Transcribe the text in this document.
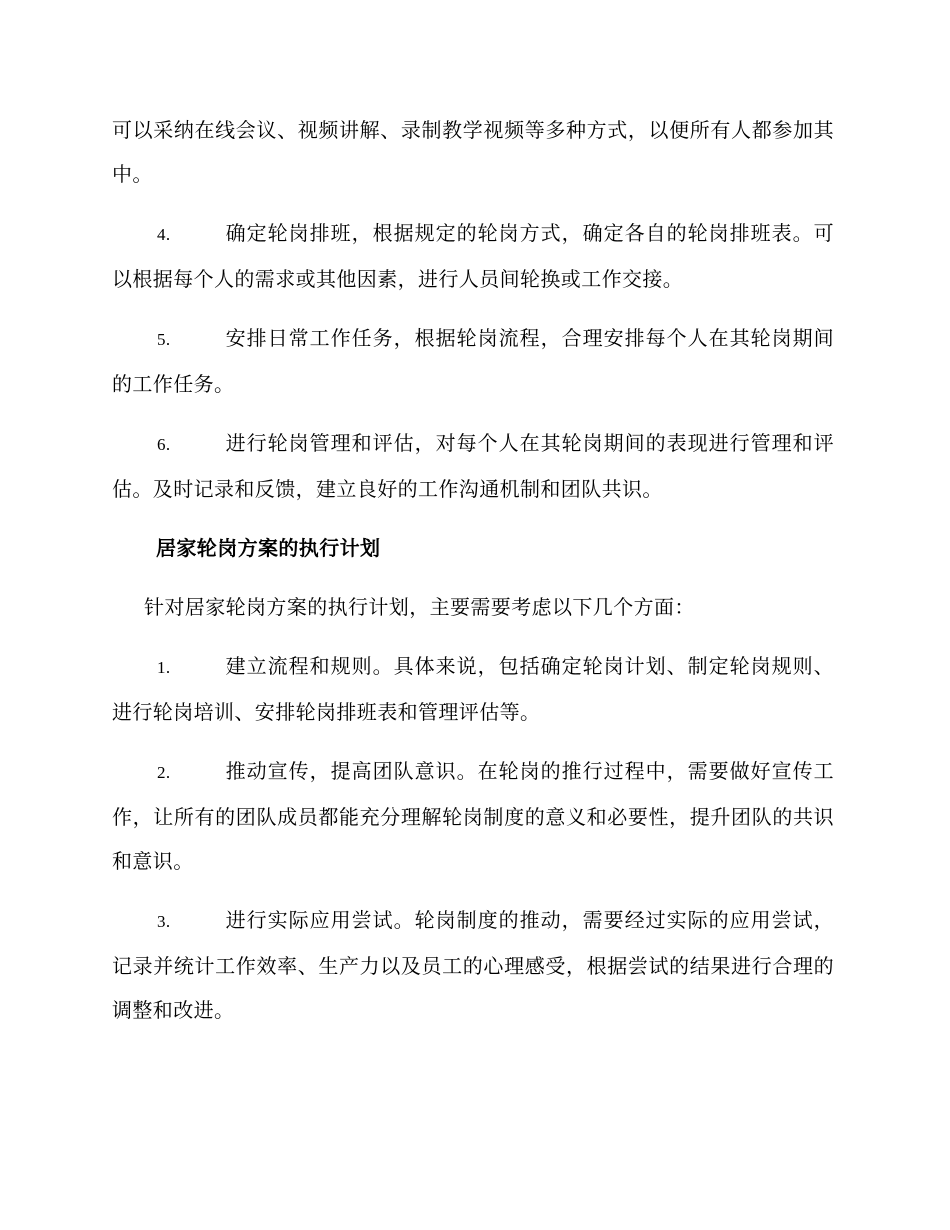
可以采纳在线会议、视频讲解、录制教学视频等多种方式，以便所有人都参加其中。

4.	确定轮岗排班，根据规定的轮岗方式，确定各自的轮岗排班表。可以根据每个人的需求或其他因素，进行人员间轮换或工作交接。

5.	安排日常工作任务，根据轮岗流程，合理安排每个人在其轮岗期间的工作任务。

6.	进行轮岗管理和评估，对每个人在其轮岗期间的表现进行管理和评估。及时记录和反馈，建立良好的工作沟通机制和团队共识。

居家轮岗方案的执行计划

针对居家轮岗方案的执行计划，主要需要考虑以下几个方面：

1.	建立流程和规则。具体来说，包括确定轮岗计划、制定轮岗规则、进行轮岗培训、安排轮岗排班表和管理评估等。

2.	推动宣传，提高团队意识。在轮岗的推行过程中，需要做好宣传工作，让所有的团队成员都能充分理解轮岗制度的意义和必要性，提升团队的共识和意识。

3.	进行实际应用尝试。轮岗制度的推动，需要经过实际的应用尝试，记录并统计工作效率、生产力以及员工的心理感受，根据尝试的结果进行合理的调整和改进。
